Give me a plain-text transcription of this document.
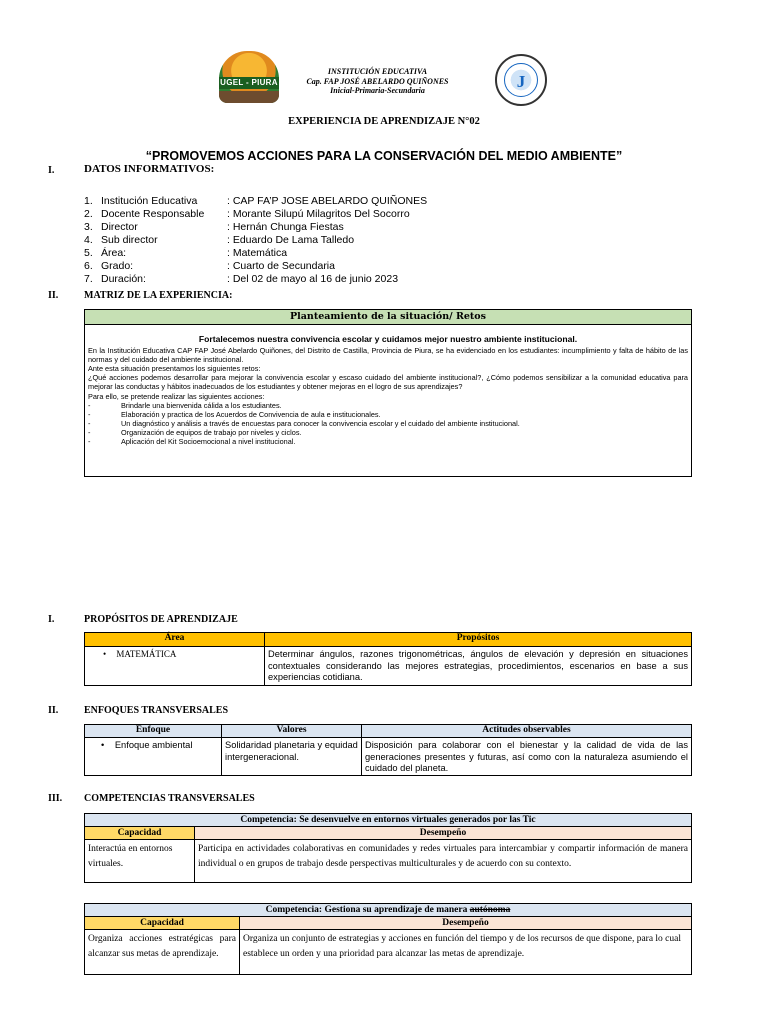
UGEL - PIURA
INSTITUCIÓN EDUCATIVA
Cap. FAP JOSÉ ABELARDO QUIÑONES
Inicial-Primaria-Secundaria	J
EXPERIENCIA DE APRENDIZAJE N°02
“PROMOVEMOS ACCIONES PARA LA CONSERVACIÓN DEL MEDIO AMBIENTE”
I.	DATOS INFORMATIVOS:
1. Institución Educativa	: CAP FA’P JOSE ABELARDO QUIÑONES
2. Docente Responsable : Morante Silupú Milagritos Del Socorro
3. Director	: Hernán Chunga Fiestas
4. Sub director	: Eduardo De Lama Talledo
5. Área:	: Matemática
6. Grado:	: Cuarto de Secundaria
7. Duración:	: Del 02 de mayo al 16 de junio 2023
II.	MATRIZ DE LA EXPERIENCIA:
Planteamiento de la situación/ Retos

Fortalecemos nuestra convivencia escolar y cuidamos mejor nuestro ambiente institucional.
En la Institución Educativa CAP FAP José Abelardo Quiñones, del Distrito de Castilla, Provincia de Piura, se ha evidenciado en los estudiantes: incumplimiento y falta de hábito de las normas y del cuidado del ambiente institucional.
Ante esta situación presentamos los siguientes retos:
¿Qué acciones podemos desarrollar para mejorar la convivencia escolar y escaso cuidado del ambiente institucional?, ¿Cómo podemos sensibilizar a la comunidad educativa para mejorar las conductas y hábitos inadecuados de los estudiantes y obtener mejoras en el logro de sus aprendizajes?
Para ello, se pretende realizar las siguientes acciones:
-	Brindarle una bienvenida cálida a los estudiantes.
-	Elaboración y practica de los Acuerdos de Convivencia de aula e institucionales.
-	Un diagnóstico y análisis a través de encuestas para conocer la convivencia escolar y el cuidado del ambiente institucional.
-	Organización de equipos de trabajo por niveles y ciclos.
-	Aplicación del Kit Socioemocional a nivel institucional.
I.	PROPÓSITOS DE APRENDIZAJE
Área	Propósitos
• MATEMÁTICA	Determinar ángulos, razones trigonométricas, ángulos de elevación y depresión en situaciones contextuales considerando las mejores estrategias, procedimientos, escenarios en base a sus experiencias cotidiana.
II.	ENFOQUES TRANSVERSALES
Enfoque	Valores	Actitudes observables
• Enfoque ambiental	Solidaridad planetaria y equidad intergeneracional.	Disposición para colaborar con el bienestar y la calidad de vida de las generaciones presentes y futuras, así como con la naturaleza asumiendo el cuidado del planeta.
III. COMPETENCIAS TRANSVERSALES
Competencia: Se desenvuelve en entornos virtuales generados por las Tic	
Capacidad	Desempeño
Interactúa en entornos virtuales.	Participa en actividades colaborativas en comunidades y redes virtuales para intercambiar y compartir información de manera individual o en grupos de trabajo desde perspectivas multiculturales y de acuerdo con su contexto.
Competencia: Gestiona su aprendizaje de manera autónoma	
Capacidad	Desempeño
Organiza acciones estratégicas para alcanzar sus metas de aprendizaje.	Organiza un conjunto de estrategias y acciones en función del tiempo y de los recursos de que dispone, para lo cual establece un orden y una prioridad para alcanzar las metas de aprendizaje.
